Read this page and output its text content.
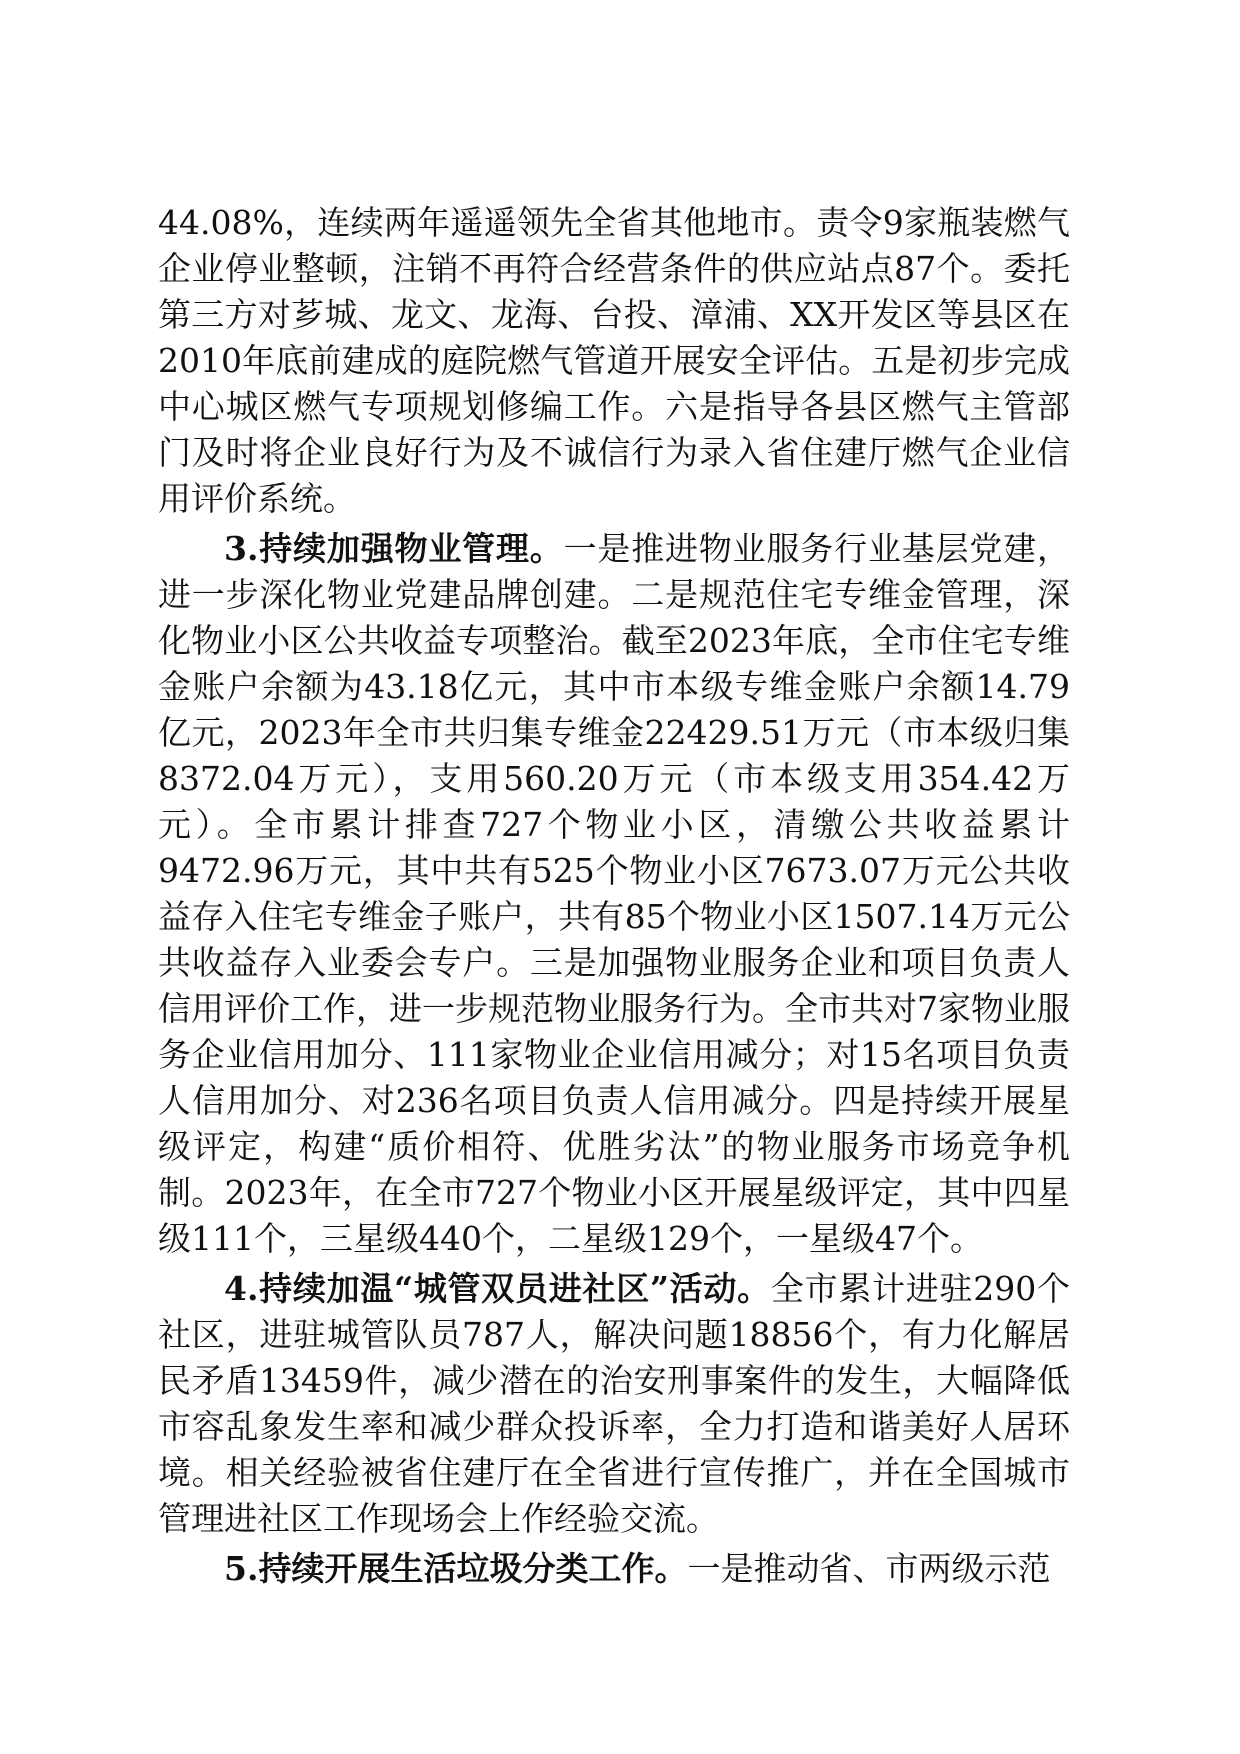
44.08%，连续两年遥遥领先全省其他地市。责令9家瓶装燃气企业停业整顿，注销不再符合经营条件的供应站点87个。委托第三方对芗城、龙文、龙海、台投、漳浦、XX开发区等县区在2010年底前建成的庭院燃气管道开展安全评估。五是初步完成中心城区燃气专项规划修编工作。六是指导各县区燃气主管部门及时将企业良好行为及不诚信行为录入省住建厅燃气企业信用评价系统。

3.持续加强物业管理。一是推进物业服务行业基层党建，进一步深化物业党建品牌创建。二是规范住宅专维金管理，深化物业小区公共收益专项整治。截至2023年底，全市住宅专维金账户余额为43.18亿元，其中市本级专维金账户余额14.79亿元，2023年全市共归集专维金22429.51万元（市本级归集8372.04万元），支用560.20万元（市本级支用354.42万元）。全市累计排查727个物业小区，清缴公共收益累计9472.96万元，其中共有525个物业小区7673.07万元公共收益存入住宅专维金子账户，共有85个物业小区1507.14万元公共收益存入业委会专户。三是加强物业服务企业和项目负责人信用评价工作，进一步规范物业服务行为。全市共对7家物业服务企业信用加分、111家物业企业信用减分；对15名项目负责人信用加分、对236名项目负责人信用减分。四是持续开展星级评定，构建“质价相符、优胜劣汰”的物业服务市场竞争机制。2023年，在全市727个物业小区开展星级评定，其中四星级111个，三星级440个，二星级129个，一星级47个。

4.持续加温“城管双员进社区”活动。全市累计进驻290个社区，进驻城管队员787人，解决问题18856个，有力化解居民矛盾13459件，减少潜在的治安刑事案件的发生，大幅降低市容乱象发生率和减少群众投诉率，全力打造和谐美好人居环境。相关经验被省住建厅在全省进行宣传推广，并在全国城市管理进社区工作现场会上作经验交流。

5.持续开展生活垃圾分类工作。一是推动省、市两级示范
